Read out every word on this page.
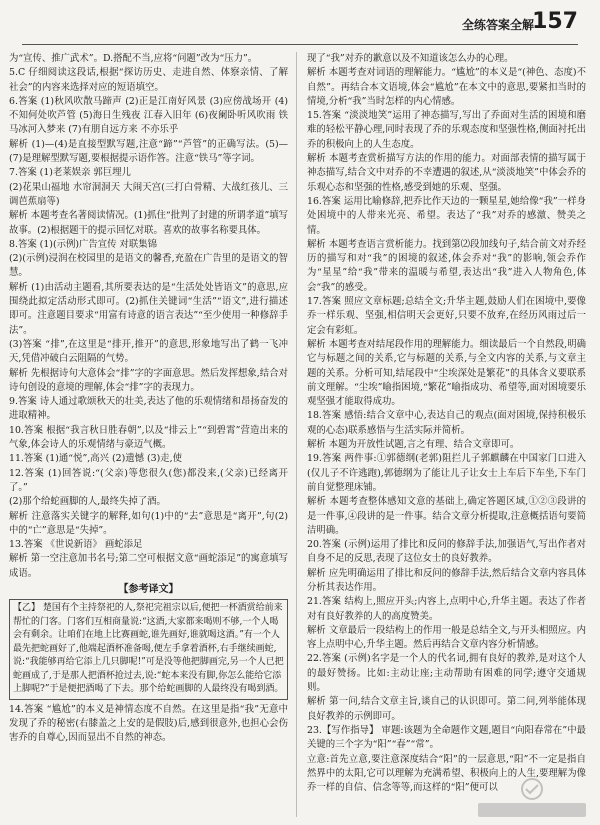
全练答案全解
157

为“宣传、推广武术”。D.搭配不当,应将“问题”改为“压力”。

5.C 仔细阅读这段话,根据“探访历史、走进自然、体察亲情、了解社会”的内容来选择对应的短语填空。

6.答案 (1)秋风吹散马蹄声 (2)正是江南好风景 (3)应傍战场开 (4)不知何处吹芦管 (5)海日生残夜 江春入旧年 (6)夜阑卧听风吹雨 铁马冰河入梦来 (7)有朋自远方来 不亦乐乎

解析 (1)—(4)是直接型默写题,注意“蹄”“芦管”的正确写法。(5)—(7)是理解型默写题,要根据提示语作答。注意“铁马”等字词。

7.答案 (1)老莱娱亲 郭巨埋儿

(2)花果山福地 水帘洞洞天 大闹天宫(三打白骨精、大战红孩儿、三调芭蕉扇等)

解析 本题考查名著阅读情况。(1)抓住“批判了封建的所谓孝道”填写故事。(2)根据题干的提示回忆对联。喜欢的故事名称要具体。

8.答案 (1)(示例)广告宣传 对联集锦

(2)(示例)浸润在校园里的是语文的馨香,充盈在广告里的是语文的智慧。

解析 (1)由活动主题看,其所要表达的是“生活处处皆语文”的意思,应围绕此拟定活动形式即可。(2)抓住关键词“生活”“语文”,进行描述即可。注意题目要求“用富有诗意的语言表达”“至少使用一种修辞手法”。

(3)答案 “排”,在这里是“排开,推开”的意思,形象地写出了鹤一飞冲天,凭借冲破白云阻隔的气势。

解析 先根据诗句大意体会“排”字的字面意思。然后发挥想象,结合对诗句创设的意境的理解,体会“排”字的表现力。

9.答案 诗人通过歌颂秋天的壮美,表达了他的乐观情绪和昂扬奋发的进取精神。

10.答案 根据“我言秋日胜春朝”,以及“排云上”“到碧霄”营造出来的气象,体会诗人的乐观情绪与豪迈气概。

11.答案 (1)通“悦”,高兴 (2)遗憾 (3)走,使

12.答案 (1)回答说:“(父亲)等您很久(您)都没来,(父亲)已经离开了。”

(2)那个给蛇画脚的人,最终失掉了酒。

解析 注意落实关键字的解释,如句(1)中的“去”意思是“离开”,句(2)中的“亡”意思是“失掉”。

13.答案 《世说新语》 画蛇添足

解析 第一空注意加书名号;第二空可根据文意“画蛇添足”的寓意填写成语。

【参考译文】

【乙】 楚国有个主持祭祀的人,祭祀完祖宗以后,便把一杯酒赏给前来帮忙的门客。门客们互相商量说:“这酒,大家都来喝则不够,一个人喝会有剩余。让咱们在地上比赛画蛇,谁先画好,谁就喝这酒。”有一个人最先把蛇画好了,他端起酒杯准备喝,便左手拿着酒杯,右手继续画蛇,说:“我能够再给它添上几只脚呢!”可是没等他把脚画完,另一个人已把蛇画成了,于是那人把酒杯抢过去,说:“蛇本来没有脚,你怎么能给它添上脚呢?”于是便把酒喝了下去。那个给蛇画脚的人最终没有喝到酒。

14.答案 “尴尬”的本义是神情态度不自然。在这里是指“我”无意中发现了乔的秘密(右膝盖之上安的是假肢)后,感到很意外,也担心会伤害乔的自尊心,因而显出不自然的神态。

现了“我”对乔的歉意以及不知道该怎么办的心理。

解析 本题考查对词语的理解能力。“尴尬”的本义是“(神色、态度)不自然”。再结合本文语境,体会“尴尬”在本文中的意思,要紧扣当时的情境,分析“我”当时怎样的内心情感。

15.答案 “淡淡地笑”运用了神态描写,写出了乔面对生活的困境和磨难的轻松平静心理,同时表现了乔的乐观态度和坚强性格,侧面衬托出乔的积极向上的人生态度。

解析 本题考查赏析描写方法的作用的能力。对面部表情的描写属于神态描写,结合文中对乔的不幸遭遇的叙述,从“淡淡地笑”中体会乔的乐观心态和坚强的性格,感受到她的乐观、坚强。

16.答案 运用比喻修辞,把乔比作天边的一颗星星,她给像“我”一样身处困境中的人带来光亮、希望。表达了“我”对乔的感激、赞美之情。

解析 本题考查语言赏析能力。找到第⑵段加线句子,结合前文对乔经历的描写和对“我”的困境的叙述,体会乔对“我”的影响,领会乔作为“星星”给“我”带来的温暖与希望,表达出“我”进入人物角色,体会“我”的感受。

17.答案 照应文章标题;总结全文;升华主题,鼓励人们在困境中,要像乔一样乐观、坚强,相信明天会更好,只要不放弃,在经历风雨过后一定会有彩虹。

解析 本题考查对结尾段作用的理解能力。细读最后一个自然段,明确它与标题之间的关系,它与标题的关系,与全文内容的关系,与文章主题的关系。分析可知,结尾段中“尘埃深处是繁花”的具体含义要联系前文理解。“尘埃”喻指困境,“繁花”喻指成功、希望等,面对困境要乐观坚强才能取得成功。

18.答案 感悟:结合文章中心,表达自己的观点(面对困境,保持积极乐观的心态)联系感悟与生活实际并简析。

解析 本题为开放性试题,言之有理、结合文章即可。

19.答案 两件事:①郭德纲(老郭)阻拦儿子郭麒麟在中国家门口进入(仅儿子不许逃跑),郭德纲为了能让儿子让女士上车后下车坐,下车门前自觉整理床铺。

解析 本题考查整体感知文意的基础上,确定答题区域,①②③段讲的是一件事,④段讲的是一件事。结合文章分析提取,注意概括语句要简洁明确。

20.答案 (示例)运用了排比和反问的修辞手法,加强语气,写出作者对自身不足的反思,表现了这位女士的良好教养。

解析 应先明确运用了排比和反问的修辞手法,然后结合文章内容具体分析其表达作用。

21.答案 结构上,照应开头;内容上,点明中心,升华主题。表达了作者对有良好教养的人的高度赞美。

解析 文章最后一段结构上的作用一般是总结全文,与开头相照应。内容上点明中心,升华主题。然后再结合文章内容分析情感。

22.答案 (示例)名字是一个人的代名词,拥有良好的教养,是对这个人的最好赞扬。比如:主动让座;主动帮助有困难的同学;遵守交通规则。

解析 第一问,结合文章主旨,谈自己的认识即可。第二问,列举能体现良好教养的示例即可。

23.【写作指导】 审题:该题为全命题作文题,题目“向阳春常在”中最关键的三个字为“阳”“春”“常”。

立意:首先立意,要注意深度结合“阳”的一层意思,“阳”不一定是指自然界中的太阳,它可以理解为充满希望、积极向上的人生,要理解为像乔一样的自信、信念等等,而这样的“阳”便可以
